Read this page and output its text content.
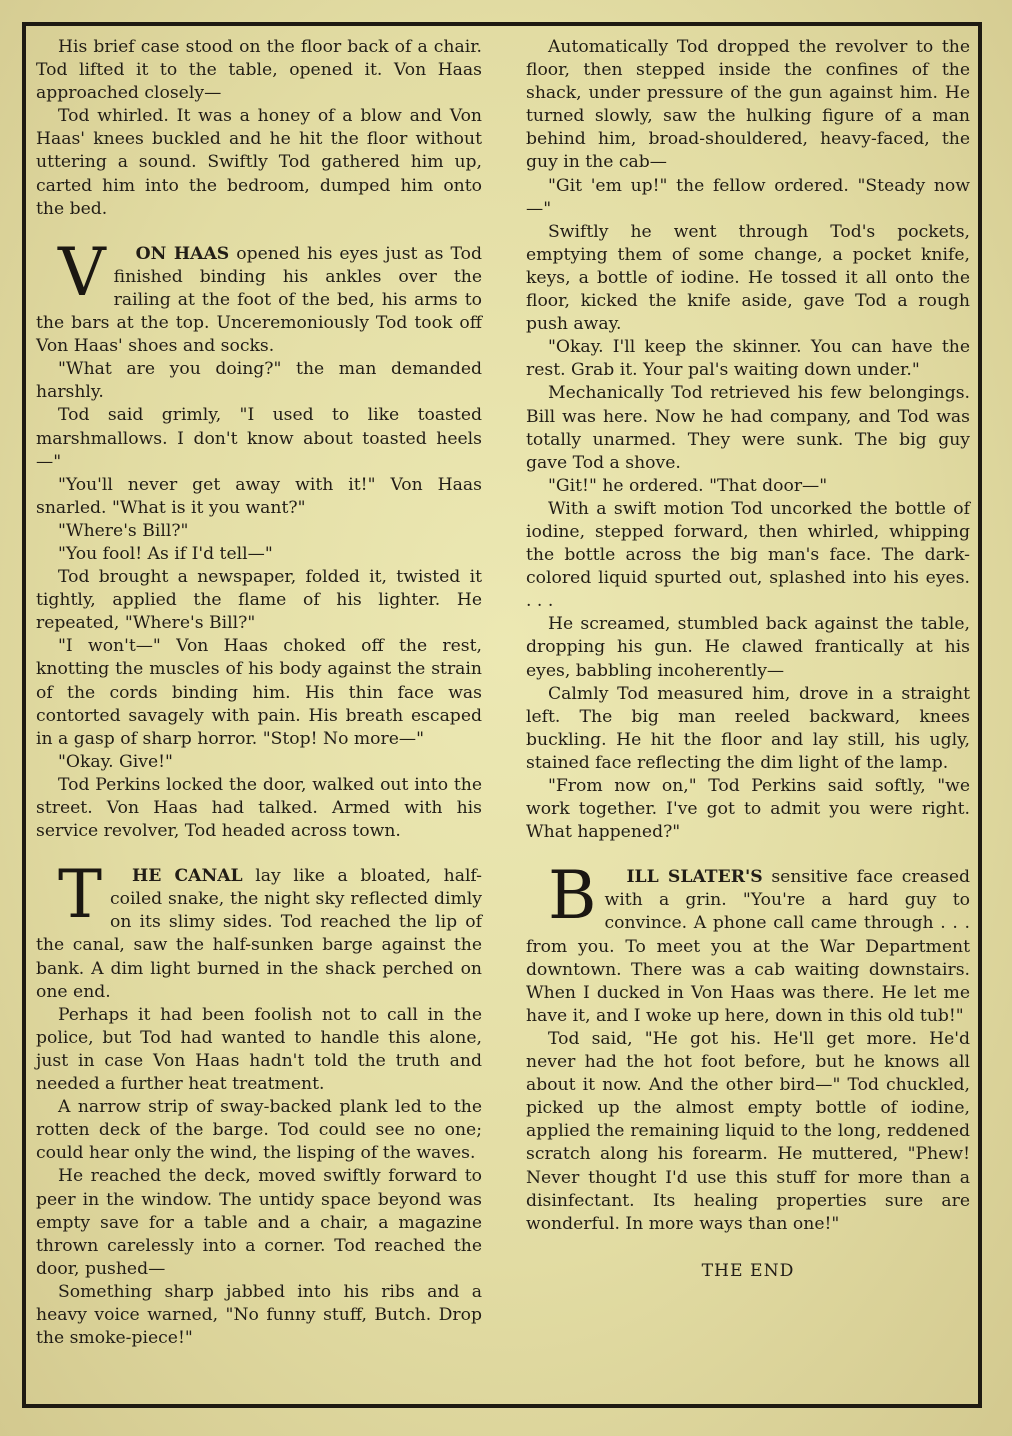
His brief case stood on the floor back of a chair. Tod lifted it to the table, opened it. Von Haas approached closely—

Tod whirled. It was a honey of a blow and Von Haas' knees buckled and he hit the floor without uttering a sound. Swiftly Tod gathered him up, carted him into the bedroom, dumped him onto the bed.

V ON HAAS opened his eyes just as Tod finished binding his ankles over the railing at the foot of the bed, his arms to the bars at the top. Unceremoniously Tod took off Von Haas' shoes and socks.

"What are you doing?" the man demanded harshly.

Tod said grimly, "I used to like toasted marshmallows. I don't know about toasted heels—"

"You'll never get away with it!" Von Haas snarled. "What is it you want?"

"Where's Bill?"

"You fool! As if I'd tell—"

Tod brought a newspaper, folded it, twisted it tightly, applied the flame of his lighter. He repeated, "Where's Bill?"

"I won't—" Von Haas choked off the rest, knotting the muscles of his body against the strain of the cords binding him. His thin face was contorted savagely with pain. His breath escaped in a gasp of sharp horror. "Stop! No more—"

"Okay. Give!"

Tod Perkins locked the door, walked out into the street. Von Haas had talked. Armed with his service revolver, Tod headed across town.

T HE CANAL lay like a bloated, half-coiled snake, the night sky reflected dimly on its slimy sides. Tod reached the lip of the canal, saw the half-sunken barge against the bank. A dim light burned in the shack perched on one end.

Perhaps it had been foolish not to call in the police, but Tod had wanted to handle this alone, just in case Von Haas hadn't told the truth and needed a further heat treatment.

A narrow strip of sway-backed plank led to the rotten deck of the barge. Tod could see no one; could hear only the wind, the lisping of the waves.

He reached the deck, moved swiftly forward to peer in the window. The untidy space beyond was empty save for a table and a chair, a magazine thrown carelessly into a corner. Tod reached the door, pushed—

Something sharp jabbed into his ribs and a heavy voice warned, "No funny stuff, Butch. Drop the smoke-piece!"

Automatically Tod dropped the revolver to the floor, then stepped inside the confines of the shack, under pressure of the gun against him. He turned slowly, saw the hulking figure of a man behind him, broad-shouldered, heavy-faced, the guy in the cab—

"Git 'em up!" the fellow ordered. "Steady now—"

Swiftly he went through Tod's pockets, emptying them of some change, a pocket knife, keys, a bottle of iodine. He tossed it all onto the floor, kicked the knife aside, gave Tod a rough push away.

"Okay. I'll keep the skinner. You can have the rest. Grab it. Your pal's waiting down under."

Mechanically Tod retrieved his few belongings. Bill was here. Now he had company, and Tod was totally unarmed. They were sunk. The big guy gave Tod a shove.

"Git!" he ordered. "That door—"

With a swift motion Tod uncorked the bottle of iodine, stepped forward, then whirled, whipping the bottle across the big man's face. The dark-colored liquid spurted out, splashed into his eyes. . . .

He screamed, stumbled back against the table, dropping his gun. He clawed frantically at his eyes, babbling incoherently—

Calmly Tod measured him, drove in a straight left. The big man reeled backward, knees buckling. He hit the floor and lay still, his ugly, stained face reflecting the dim light of the lamp.

"From now on," Tod Perkins said softly, "we work together. I've got to admit you were right. What happened?"

B ILL SLATER'S sensitive face creased with a grin. "You're a hard guy to convince. A phone call came through . . . from you. To meet you at the War Department downtown. There was a cab waiting downstairs. When I ducked in Von Haas was there. He let me have it, and I woke up here, down in this old tub!"

Tod said, "He got his. He'll get more. He'd never had the hot foot before, but he knows all about it now. And the other bird—" Tod chuckled, picked up the almost empty bottle of iodine, applied the remaining liquid to the long, reddened scratch along his forearm. He muttered, "Phew! Never thought I'd use this stuff for more than a disinfectant. Its healing properties sure are wonderful. In more ways than one!"

THE END
